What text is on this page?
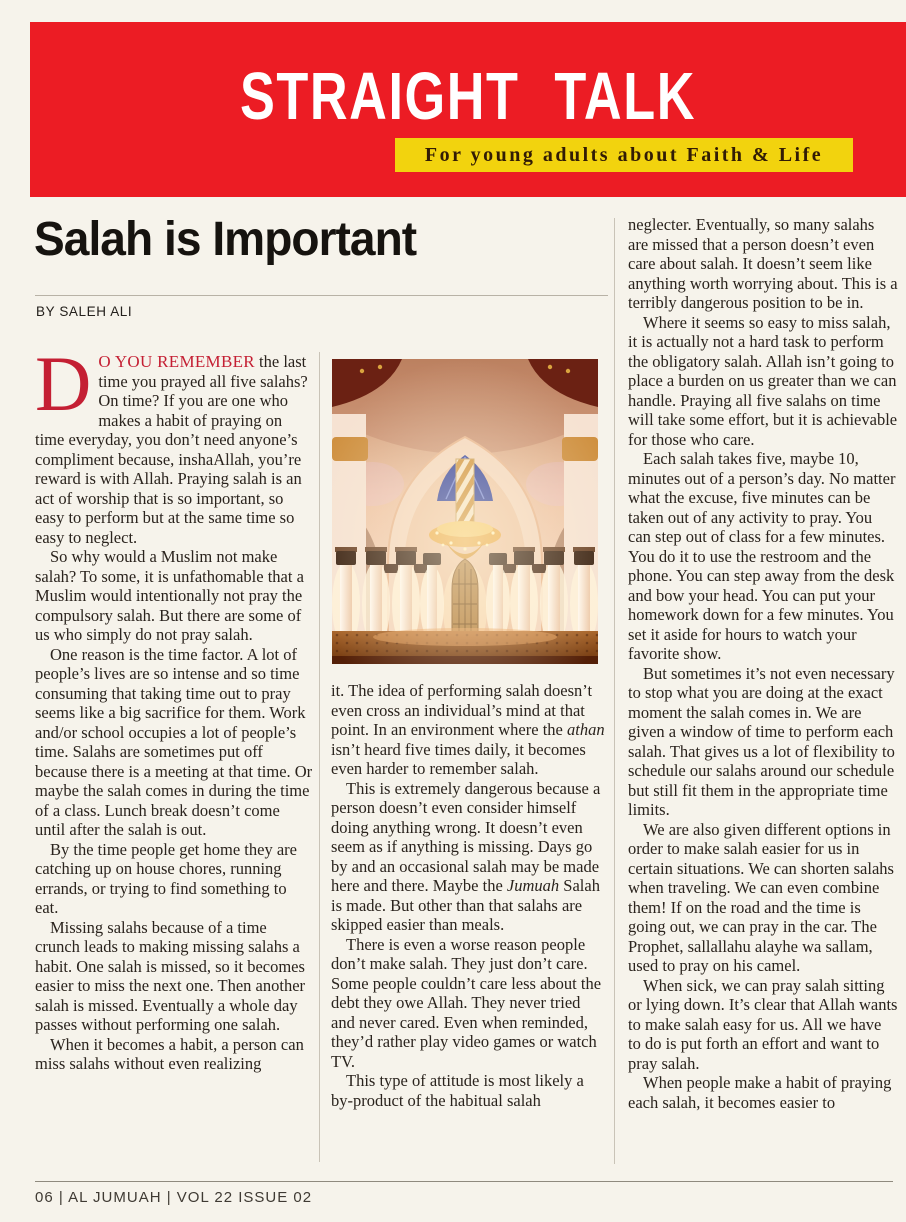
STRAIGHT TALK
For young adults about Faith & Life
Salah is Important
BY SALEH ALI

D O YOU REMEMBER the last time you prayed all five salahs? On time? If you are one who makes a habit of praying on time everyday, you don’t need anyone’s compliment because, inshaAllah, you’re reward is with Allah. Praying salah is an act of worship that is so important, so easy to perform but at the same time so easy to neglect.

So why would a Muslim not make salah? To some, it is unfathomable that a Muslim would intentionally not pray the compulsory salah. But there are some of us who simply do not pray salah.

One reason is the time factor. A lot of people’s lives are so intense and so time consuming that taking time out to pray seems like a big sacrifice for them. Work and/or school occupies a lot of people’s time. Salahs are sometimes put off because there is a meeting at that time. Or maybe the salah comes in during the time of a class. Lunch break doesn’t come until after the salah is out.

By the time people get home they are catching up on house chores, running errands, or trying to find something to eat.

Missing salahs because of a time crunch leads to making missing salahs a habit. One salah is missed, so it becomes easier to miss the next one. Then another salah is missed. Eventually a whole day passes without performing one salah.

When it becomes a habit, a person can miss salahs without even realizing

it. The idea of performing salah doesn’t even cross an individual’s mind at that point. In an environment where the athan isn’t heard five times daily, it becomes even harder to remember salah.

This is extremely dangerous because a person doesn’t even consider himself doing anything wrong. It doesn’t even seem as if anything is missing. Days go by and an occasional salah may be made here and there. Maybe the Jumuah Salah is made. But other than that salahs are skipped easier than meals.

There is even a worse reason people don’t make salah. They just don’t care. Some people couldn’t care less about the debt they owe Allah. They never tried and never cared. Even when reminded, they’d rather play video games or watch TV.

This type of attitude is most likely a by-product of the habitual salah

neglecter. Eventually, so many salahs are missed that a person doesn’t even care about salah. It doesn’t seem like anything worth worrying about. This is a terribly dangerous position to be in.

Where it seems so easy to miss salah, it is actually not a hard task to perform the obligatory salah. Allah isn’t going to place a burden on us greater than we can handle. Praying all five salahs on time will take some effort, but it is achievable for those who care.

Each salah takes five, maybe 10, minutes out of a person’s day. No matter what the excuse, five minutes can be taken out of any activity to pray. You can step out of class for a few minutes. You do it to use the restroom and the phone. You can step away from the desk and bow your head. You can put your homework down for a few minutes. You set it aside for hours to watch your favorite show.

But sometimes it’s not even necessary to stop what you are doing at the exact moment the salah comes in. We are given a window of time to perform each salah. That gives us a lot of flexibility to schedule our salahs around our schedule but still fit them in the appropriate time limits.

We are also given different options in order to make salah easier for us in certain situations. We can shorten salahs when traveling. We can even combine them! If on the road and the time is going out, we can pray in the car. The Prophet, sallallahu alayhe wa sallam, used to pray on his camel.

When sick, we can pray salah sitting or lying down. It’s clear that Allah wants to make salah easy for us. All we have to do is put forth an effort and want to pray salah.

When people make a habit of praying each salah, it becomes easier to

06 | AL JUMUAH | VOL 22 ISSUE 02
